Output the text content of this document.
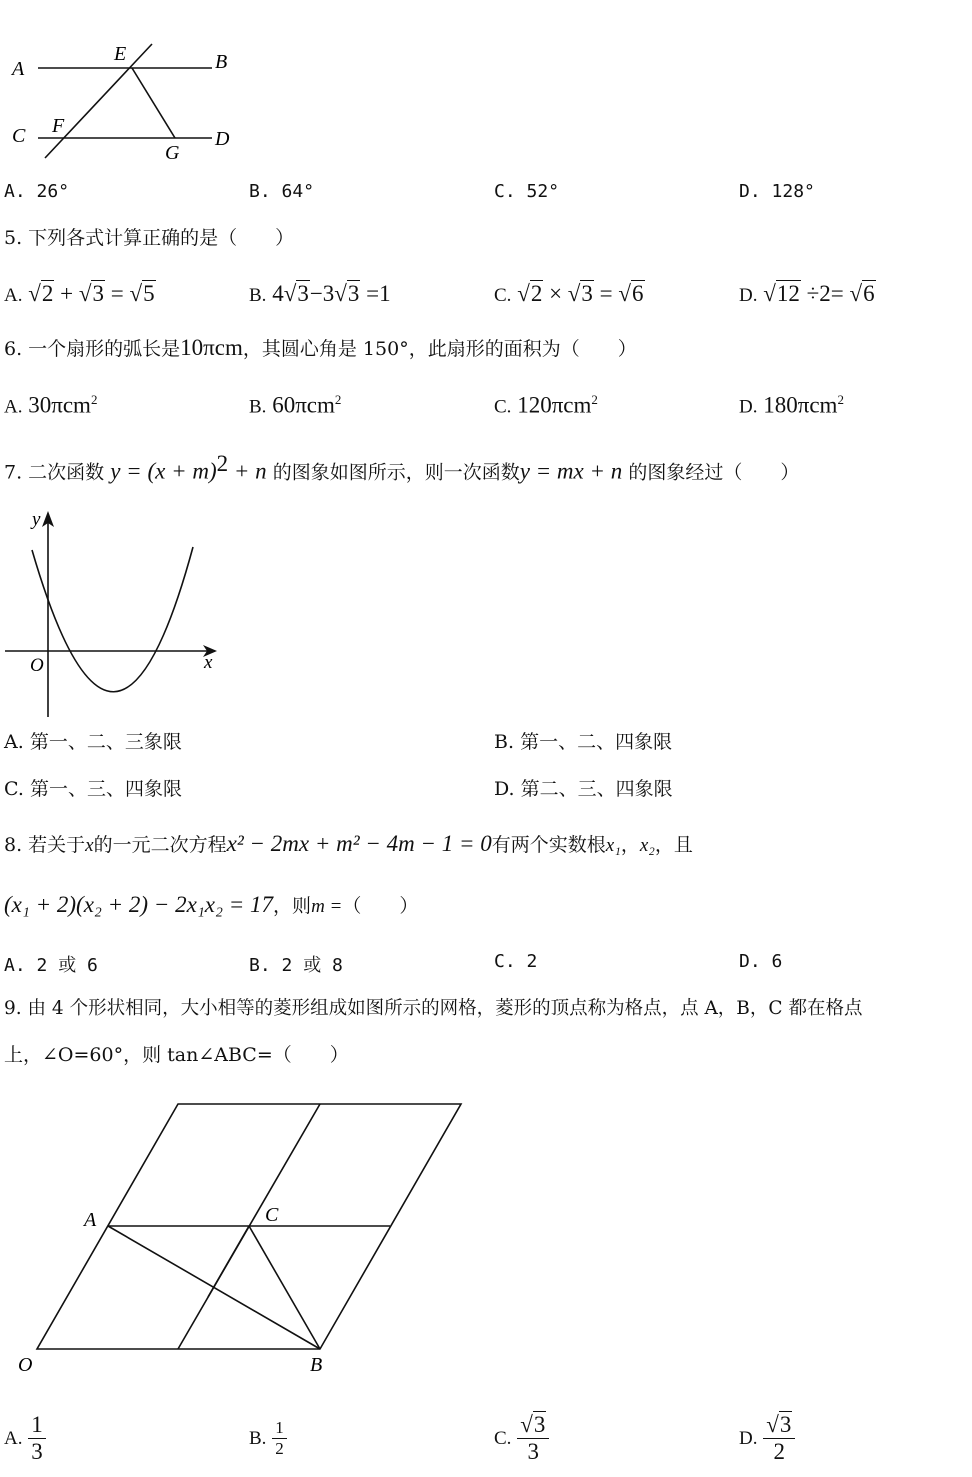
A	B
C	D
E
F
G
A. 26°	B. 64°	C. 52°	D. 128°
5. 下列各式计算正确的是（　　）
A. √2 + √3 = √5	B. 4√3−3√3 =1	C. √2 × √3 = √6	D. √12 ÷2= √6
6. 一个扇形的弧长是10πcm，其圆心角是 150°，此扇形的面积为（　　）
A. 30πcm$^2$	B. 60πcm$^2$	C. 120πcm$^2$	D. 180πcm$^2$
7. 二次函数 $y = (x + m)^2 + n$ 的图象如图所示，则一次函数y = mx + n 的图象经过（　　）
y
x
O
A. 第一、二、三象限	B. 第一、二、四象限
C. 第一、三、四象限	D. 第二、三、四象限
8. 若关于x的一元二次方程x² − 2mx + m² − 4m − 1 = 0有两个实数根x₁，x₂，且
(x₁ + 2)(x₂ + 2) − 2x₁x₂ = 17，则m =（　　）
A. 2 或 6	B. 2 或 8	C. 2	D. 6
9. 由 4 个形状相同，大小相等的菱形组成如图所示的网格，菱形的顶点称为格点，点 A，B，C 都在格点
上，∠O=60°，则 tan∠ABC=（　　）
A	C
O	B
A. $\frac{1}{3}$	B. $\frac{1}{2}$	C. $\frac{√3}{3}$	D. $\frac{√3}{2}$
